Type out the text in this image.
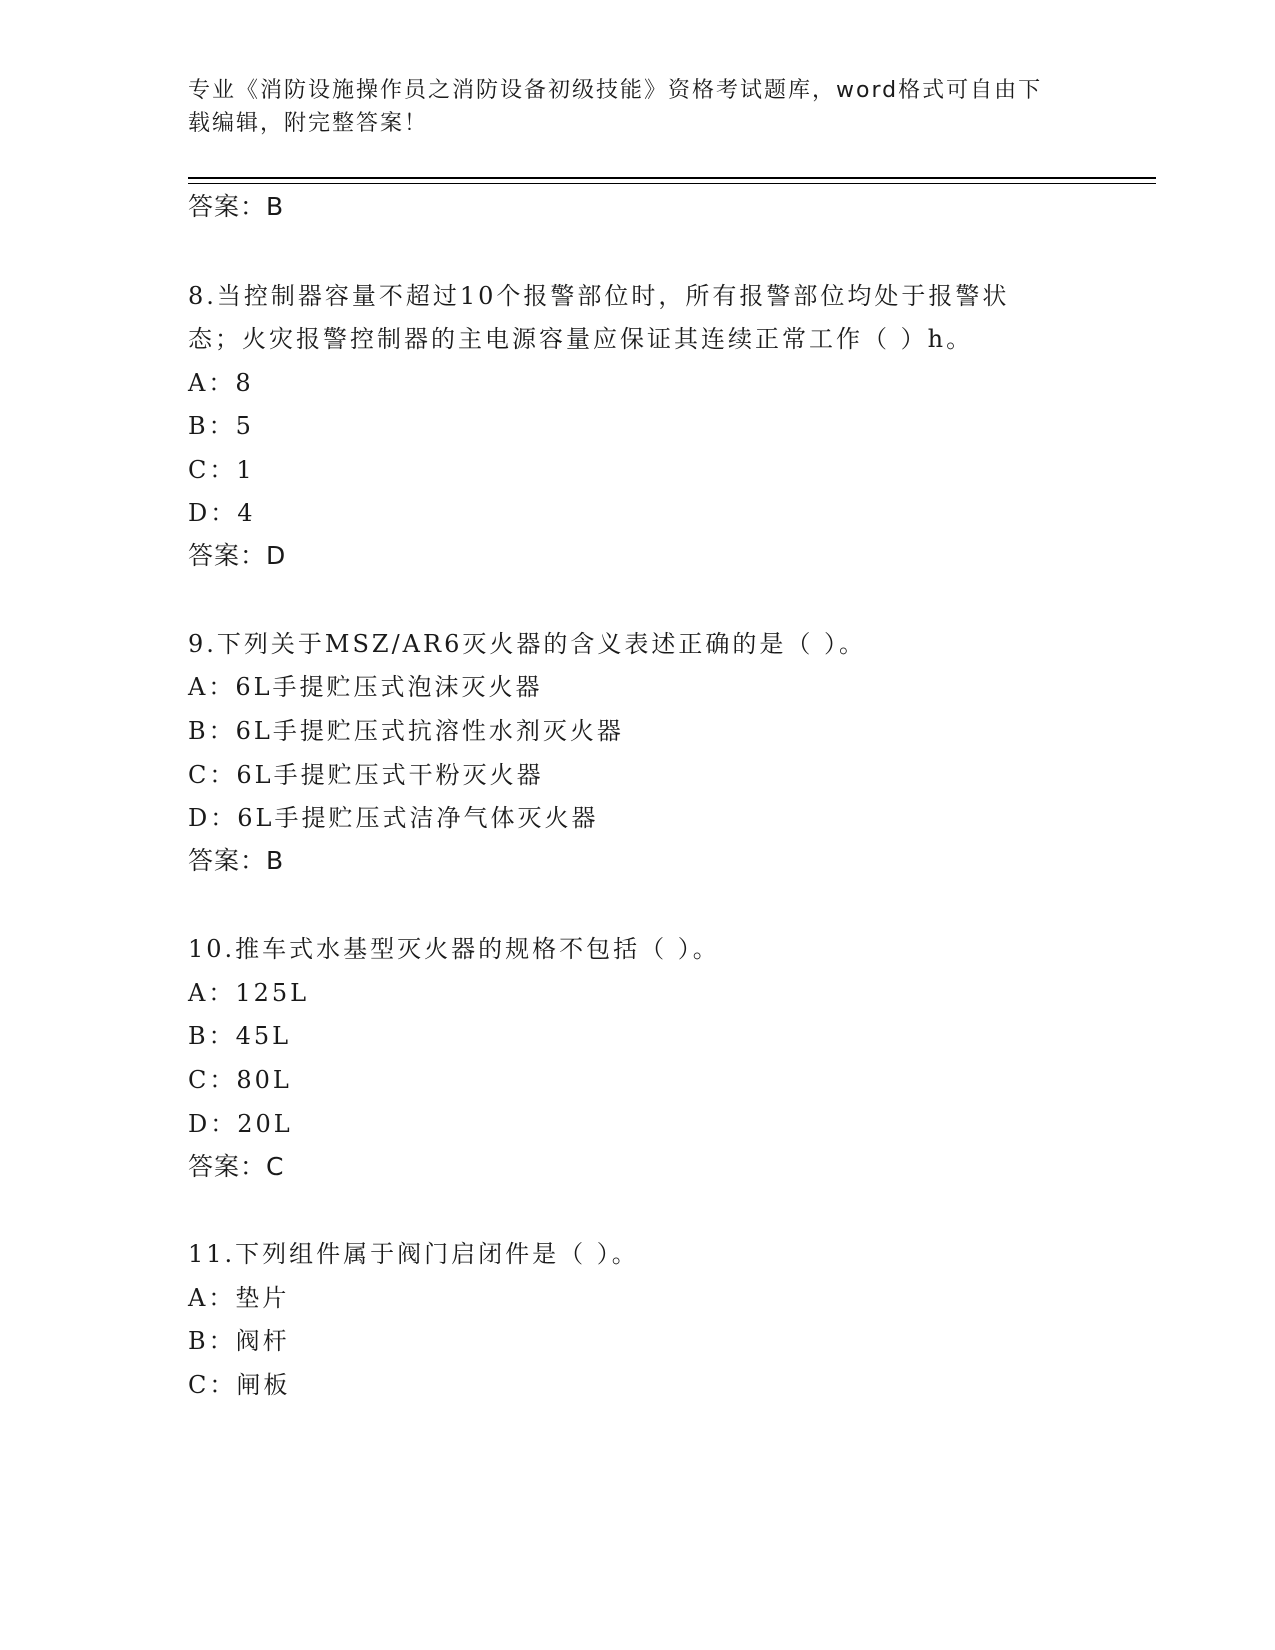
专业《消防设施操作员之消防设备初级技能》资格考试题库，word格式可自由下
载编辑，附完整答案！
答案：B
8.当控制器容量不超过10个报警部位时，所有报警部位均处于报警状
态；火灾报警控制器的主电源容量应保证其连续正常工作（ ）h。
A：8
B：5
C：1
D：4
答案：D
9.下列关于MSZ/AR6灭火器的含义表述正确的是（ ）。
A：6L手提贮压式泡沫灭火器
B：6L手提贮压式抗溶性水剂灭火器
C：6L手提贮压式干粉灭火器
D：6L手提贮压式洁净气体灭火器
答案：B
10.推车式水基型灭火器的规格不包括（ ）。
A：125L
B：45L
C：80L
D：20L
答案：C
11.下列组件属于阀门启闭件是（ ）。
A：垫片
B：阀杆
C：闸板
